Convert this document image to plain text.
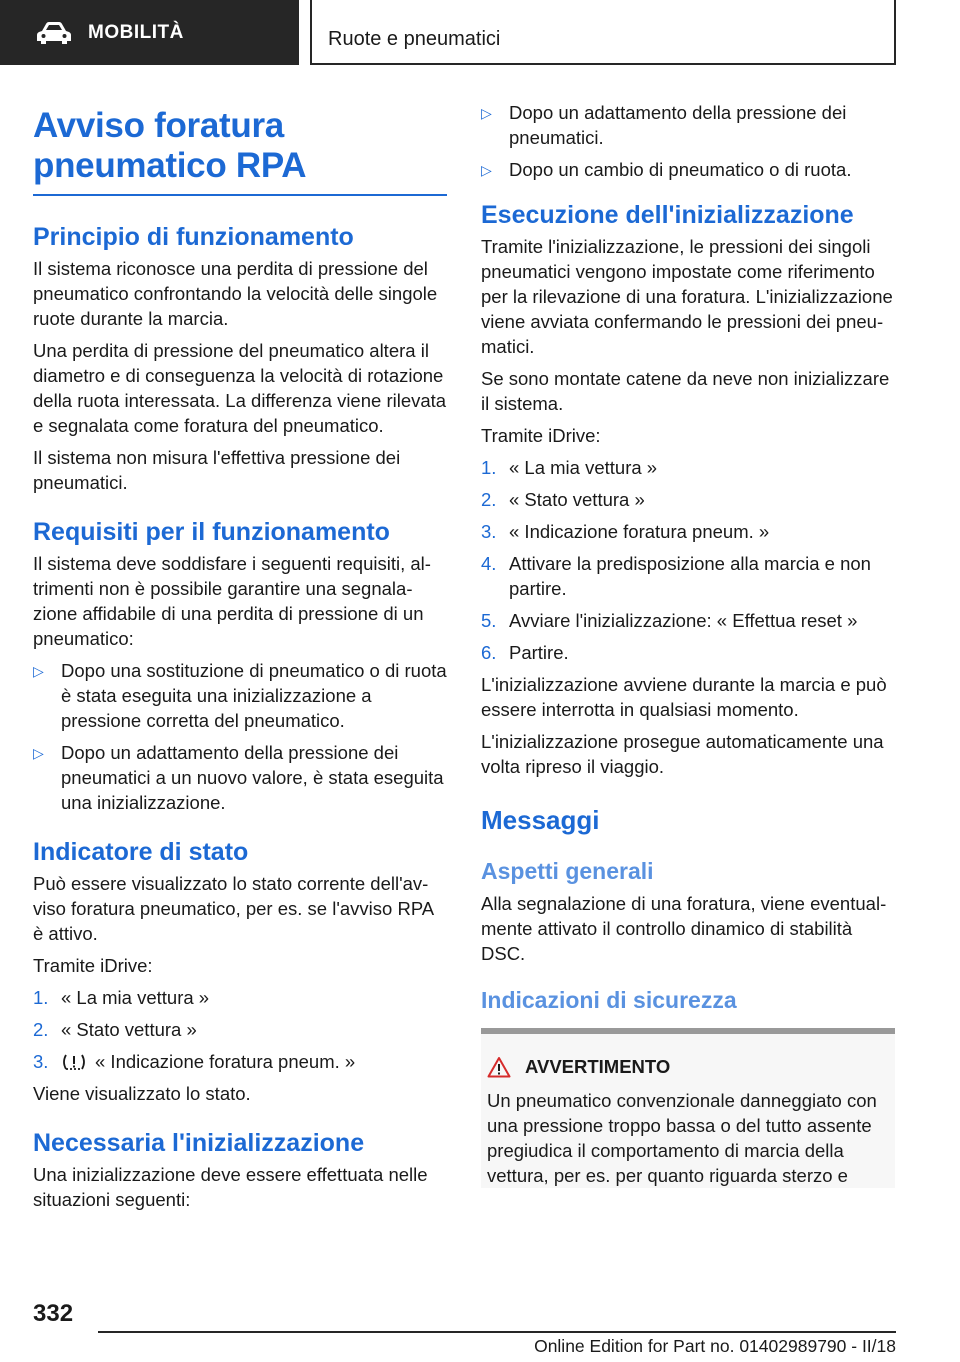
MOBILITÀ	Ruote e pneumatici
Avviso foratura pneumatico RPA
Principio di funzionamento

Il sistema riconosce una perdita di pressione del pneumatico confrontando la velocità delle singole ruote durante la marcia.

Una perdita di pressione del pneumatico altera il diametro e di conseguenza la velocità di rotazione della ruota interessata. La differenza viene rilevata e segnalata come foratura del pneumatico.

Il sistema non misura l'effettiva pressione dei pneumatici.

Requisiti per il funzionamento

Il sistema deve soddisfare i seguenti requisiti, altrimenti non è possibile garantire una segnalazione affidabile di una perdita di pressione di un pneumatico:

▷ Dopo una sostituzione di pneumatico o di ruota è stata eseguita una inizializzazione a pressione corretta del pneumatico.
▷ Dopo un adattamento della pressione dei pneumatici a un nuovo valore, è stata eseguita una inizializzazione.
Indicatore di stato

Può essere visualizzato lo stato corrente dell'avviso foratura pneumatico, per es. se l'avviso RPA è attivo.

Tramite iDrive:

1. « La mia vettura »
2. « Stato vettura »
3.	« Indicazione foratura pneum. »

Viene visualizzato lo stato.

Necessaria l'inizializzazione

Una inizializzazione deve essere effettuata nelle situazioni seguenti:

▷ Dopo un adattamento della pressione dei pneumatici.
▷ Dopo un cambio di pneumatico o di ruota.
Esecuzione dell'inizializzazione

Tramite l'inizializzazione, le pressioni dei singoli pneumatici vengono impostate come riferimento per la rilevazione di una foratura. L'inizializzazione viene avviata confermando le pressioni dei pneumatici.

Se sono montate catene da neve non inizializzare il sistema.

Tramite iDrive:

1. « La mia vettura »
2. « Stato vettura »
3. « Indicazione foratura pneum. »
4. Attivare la predisposizione alla marcia e non partire.
5. Avviare l'inizializzazione: « Effettua reset »
6. Partire.

L'inizializzazione avviene durante la marcia e può essere interrotta in qualsiasi momento.

L'inizializzazione prosegue automaticamente una volta ripreso il viaggio.

Messaggi
Aspetti generali

Alla segnalazione di una foratura, viene eventualmente attivato il controllo dinamico di stabilità DSC.

Indicazioni di sicurezza
AVVERTIMENTO

Un pneumatico convenzionale danneggiato con una pressione troppo bassa o del tutto assente pregiudica il comportamento di marcia della vettura, per es. per quanto riguarda sterzo e

332
Online Edition for Part no. 01402989790 - II/18
